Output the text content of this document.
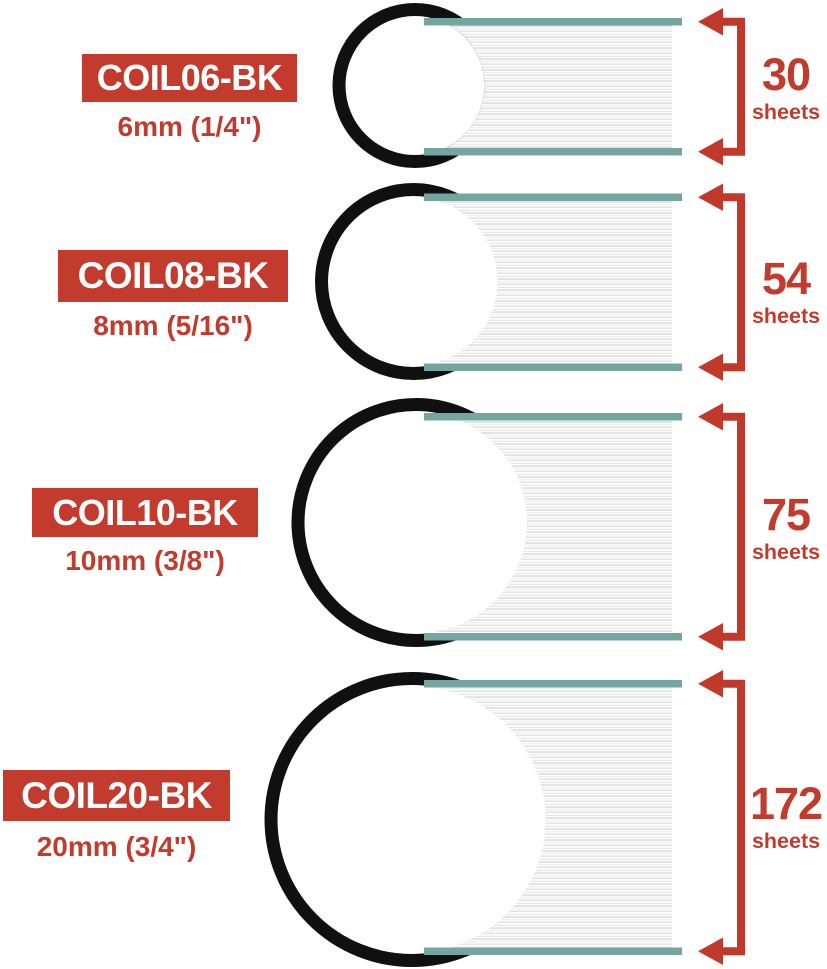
COIL06-BK
6mm (1/4")
30
sheets
COIL08-BK
8mm (5/16")
54
sheets
COIL10-BK
10mm (3/8")
75
sheets
COIL20-BK
20mm (3/4")
172
sheets
